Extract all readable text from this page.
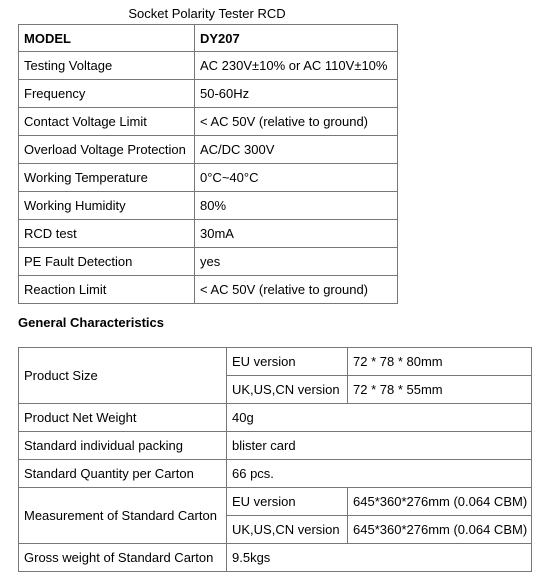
Socket Polarity Tester RCD
MODEL	DY207
Testing Voltage	AC 230V±10% or AC 110V±10%
Frequency	50-60Hz
Contact Voltage Limit	< AC 50V (relative to ground)
Overload Voltage Protection	AC/DC 300V
Working Temperature	0°C~40°C
Working Humidity	80%
RCD test	30mA
PE Fault Detection	yes
Reaction Limit	< AC 50V (relative to ground)
General Characteristics
Product Size	EU version	72 * 78 * 80mm
	UK,US,CN version	72 * 78 * 55mm
Product Net Weight	40g	
Standard individual packing	blister card	
Standard Quantity per Carton	66 pcs.	
Measurement of Standard Carton	EU version	645*360*276mm (0.064 CBM)
	UK,US,CN version	645*360*276mm (0.064 CBM)
Gross weight of Standard Carton	9.5kgs	
